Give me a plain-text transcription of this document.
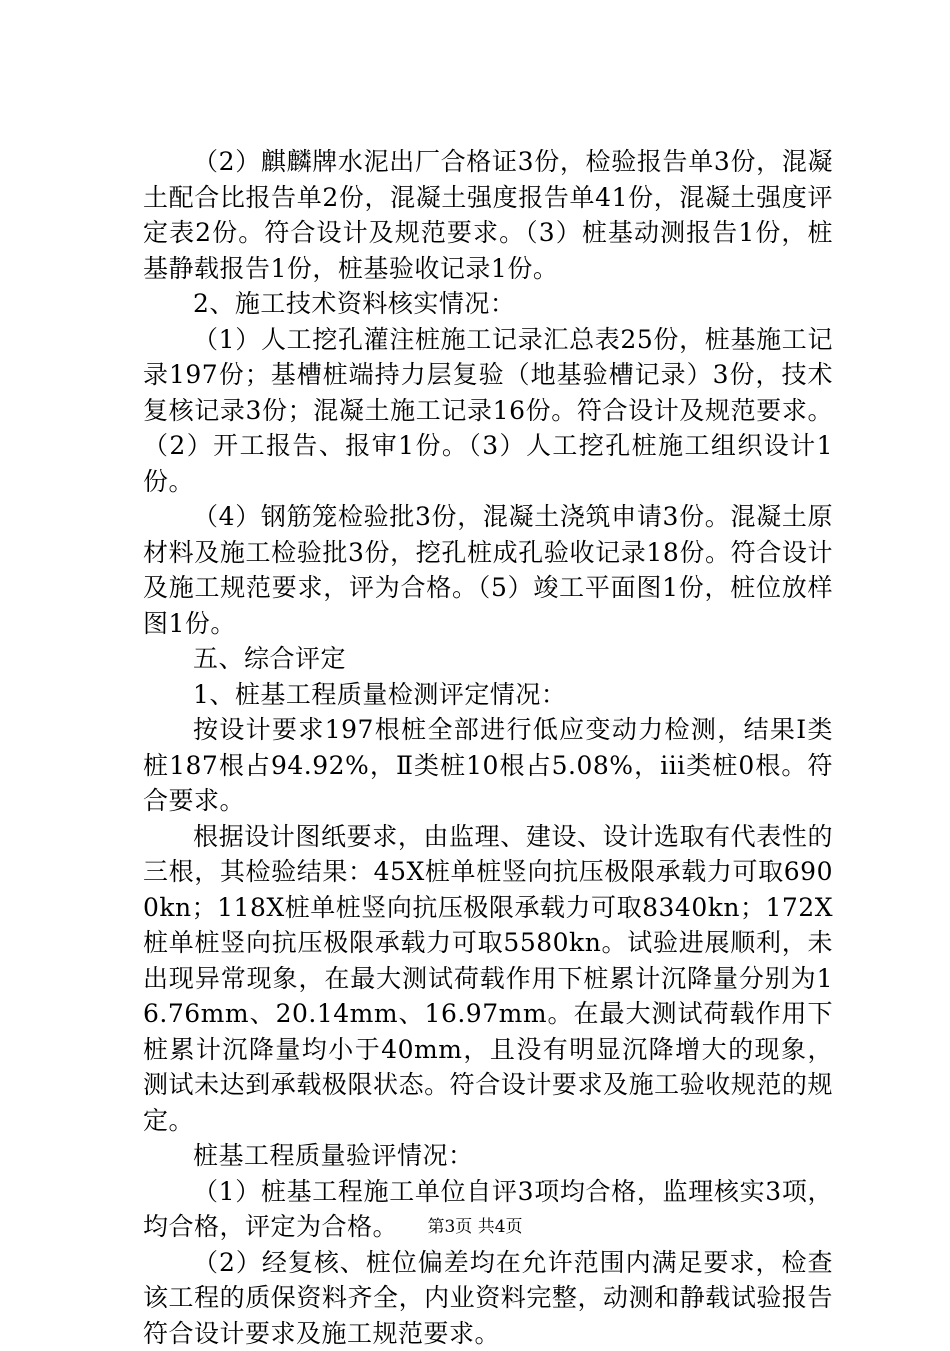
（2）麒麟牌水泥出厂合格证3份，检验报告单3份，混凝土配合比报告单2份，混凝土强度报告单41份，混凝土强度评定表2份。符合设计及规范要求。（3）桩基动测报告1份，桩基静载报告1份，桩基验收记录1份。

2、施工技术资料核实情况：

（1）人工挖孔灌注桩施工记录汇总表25份，桩基施工记录197份；基槽桩端持力层复验（地基验槽记录）3份，技术复核记录3份；混凝土施工记录16份。符合设计及规范要求。（2）开工报告、报审1份。（3）人工挖孔桩施工组织设计1份。

（4）钢筋笼检验批3份，混凝土浇筑申请3份。混凝土原材料及施工检验批3份，挖孔桩成孔验收记录18份。符合设计及施工规范要求，评为合格。（5）竣工平面图1份，桩位放样图1份。

五、综合评定

1、桩基工程质量检测评定情况：

按设计要求197根桩全部进行低应变动力检测，结果Ⅰ类桩187根占94.92%，Ⅱ类桩10根占5.08%，iii类桩0根。符合要求。

根据设计图纸要求，由监理、建设、设计选取有代表性的三根，其检验结果：45X桩单桩竖向抗压极限承载力可取6900kn；118X桩单桩竖向抗压极限承载力可取8340kn；172X桩单桩竖向抗压极限承载力可取5580kn。试验进展顺利，未出现异常现象，在最大测试荷载作用下桩累计沉降量分别为16.76mm、20.14mm、16.97mm。在最大测试荷载作用下桩累计沉降量均小于40mm，且没有明显沉降增大的现象，测试未达到承载极限状态。符合设计要求及施工验收规范的规定。

桩基工程质量验评情况：

（1）桩基工程施工单位自评3项均合格，监理核实3项，均合格，评定为合格。

（2）经复核、桩位偏差均在允许范围内满足要求，检查该工程的质保资料齐全，内业资料完整，动测和静载试验报告符合设计要求及施工规范要求。

第3页 共4页
